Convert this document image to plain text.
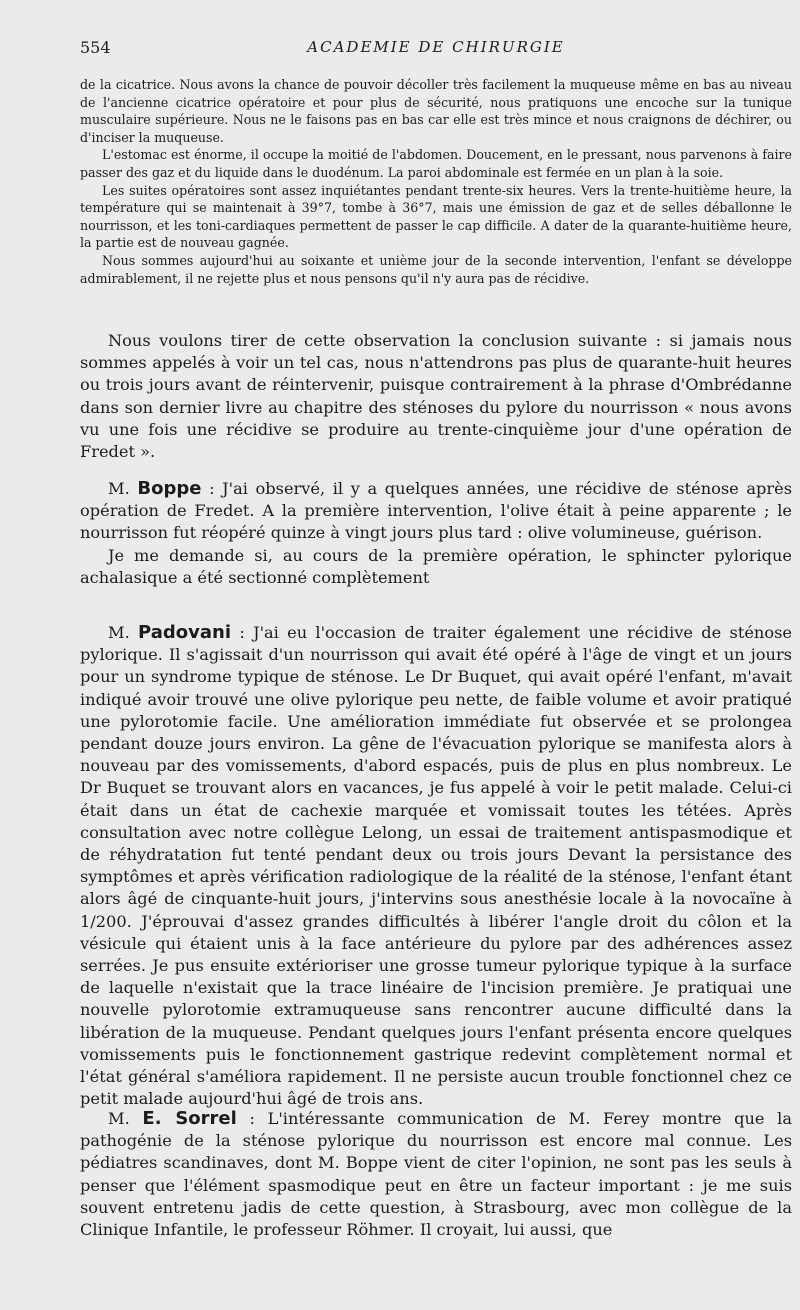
554	ACADEMIE DE CHIRURGIE

de la cicatrice. Nous avons la chance de pouvoir décoller très facilement la muqueuse même en bas au niveau de l'ancienne cicatrice opératoire et pour plus de sécurité, nous pratiquons une encoche sur la tunique musculaire supérieure. Nous ne le faisons pas en bas car elle est très mince et nous craignons de déchirer, ou d'inciser la muqueuse.

L'estomac est énorme, il occupe la moitié de l'abdomen. Doucement, en le pressant, nous parvenons à faire passer des gaz et du liquide dans le duodénum. La paroi abdominale est fermée en un plan à la soie.

Les suites opératoires sont assez inquiétantes pendant trente-six heures. Vers la trente-huitième heure, la température qui se maintenait à 39°7, tombe à 36°7, mais une émission de gaz et de selles déballonne le nourrisson, et les toni-cardiaques permettent de passer le cap difficile. A dater de la quarante-huitième heure, la partie est de nouveau gagnée.

Nous sommes aujourd'hui au soixante et unième jour de la seconde intervention, l'enfant se développe admirablement, il ne rejette plus et nous pensons qu'il n'y aura pas de récidive.

Nous voulons tirer de cette observation la conclusion suivante : si jamais nous sommes appelés à voir un tel cas, nous n'attendrons pas plus de quarante-huit heures ou trois jours avant de réintervenir, puisque contrairement à la phrase d'Ombrédanne dans son dernier livre au chapitre des sténoses du pylore du nourrisson « nous avons vu une fois une récidive se produire au trente-cinquième jour d'une opération de Fredet ».

M. Boppe : J'ai observé, il y a quelques années, une récidive de sténose après opération de Fredet. A la première intervention, l'olive était à peine apparente ; le nourrisson fut réopéré quinze à vingt jours plus tard : olive volumineuse, guérison.

Je me demande si, au cours de la première opération, le sphincter pylorique achalasique a été sectionné complètement

M. Padovani : J'ai eu l'occasion de traiter également une récidive de sténose pylorique. Il s'agissait d'un nourrisson qui avait été opéré à l'âge de vingt et un jours pour un syndrome typique de sténose. Le Dr Buquet, qui avait opéré l'enfant, m'avait indiqué avoir trouvé une olive pylorique peu nette, de faible volume et avoir pratiqué une pylorotomie facile. Une amélioration immédiate fut observée et se prolongea pendant douze jours environ. La gêne de l'évacuation pylorique se manifesta alors à nouveau par des vomissements, d'abord espacés, puis de plus en plus nombreux. Le Dr Buquet se trouvant alors en vacances, je fus appelé à voir le petit malade. Celui-ci était dans un état de cachexie marquée et vomissait toutes les tétées. Après consultation avec notre collègue Lelong, un essai de traitement antispasmodique et de réhydratation fut tenté pendant deux ou trois jours Devant la persistance des symptômes et après vérification radiologique de la réalité de la sténose, l'enfant étant alors âgé de cinquante-huit jours, j'intervins sous anesthésie locale à la novocaïne à 1/200. J'éprouvai d'assez grandes difficultés à libérer l'angle droit du côlon et la vésicule qui étaient unis à la face antérieure du pylore par des adhérences assez serrées. Je pus ensuite extérioriser une grosse tumeur pylorique typique à la surface de laquelle n'existait que la trace linéaire de l'incision première. Je pratiquai une nouvelle pylorotomie extramuqueuse sans rencontrer aucune difficulté dans la libération de la muqueuse. Pendant quelques jours l'enfant présenta encore quelques vomissements puis le fonctionnement gastrique redevint complètement normal et l'état général s'améliora rapidement. Il ne persiste aucun trouble fonctionnel chez ce petit malade aujourd'hui âgé de trois ans.

M. E. Sorrel : L'intéressante communication de M. Ferey montre que la pathogénie de la sténose pylorique du nourrisson est encore mal connue. Les pédiatres scandinaves, dont M. Boppe vient de citer l'opinion, ne sont pas les seuls à penser que l'élément spasmodique peut en être un facteur important : je me suis souvent entretenu jadis de cette question, à Strasbourg, avec mon collègue de la Clinique Infantile, le professeur Röhmer. Il croyait, lui aussi, que
